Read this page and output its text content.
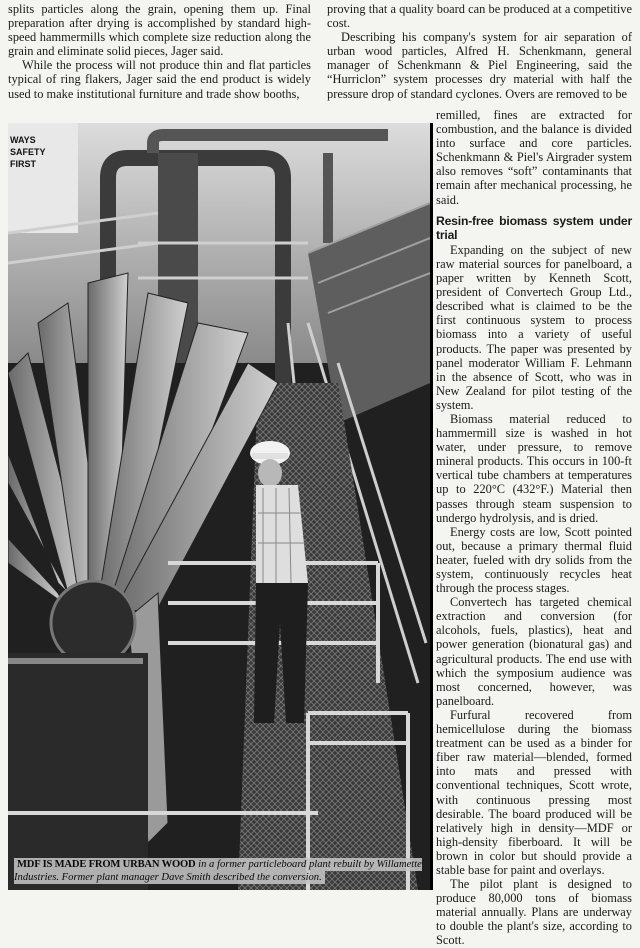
splits particles along the grain, opening them up. Final preparation after drying is accomplished by standard high-speed hammermills which complete size reduction along the grain and eliminate solid pieces, Jager said.

While the process will not produce thin and flat particles typical of ring flakers, Jager said the end product is widely used to make institutional furniture and trade show booths,

proving that a quality board can be produced at a competitive cost.

Describing his company's system for air separation of urban wood particles, Alfred H. Schenkmann, general manager of Schenkmann & Piel Engineering, said the “Hurriclon” system processes dry material with half the pressure drop of standard cyclones. Overs are removed to be

remilled, fines are extracted for combustion, and the balance is divided into surface and core particles. Schenkmann & Piel's Airgrader system also removes “soft” contaminants that remain after mechanical processing, he said.

Resin-free biomass system under trial

Expanding on the subject of new raw material sources for panelboard, a paper written by Kenneth Scott, president of Convertech Group Ltd., described what is claimed to be the first continuous system to process biomass into a variety of useful products. The paper was presented by panel moderator William F. Lehmann in the absence of Scott, who was in New Zealand for pilot testing of the system.

Biomass material reduced to hammermill size is washed in hot water, under pressure, to remove mineral products. This occurs in 100-ft vertical tube chambers at temperatures up to 220°C (432°F.) Material then passes through steam suspension to undergo hydrolysis, and is dried.

Energy costs are low, Scott pointed out, because a primary thermal fluid heater, fueled with dry solids from the system, continuously recycles heat through the process stages.

Convertech has targeted chemical extraction and conversion (for alcohols, fuels, plastics), heat and power generation (bionatural gas) and agricultural products. The end use with which the symposium audience was most concerned, however, was panelboard.

Furfural recovered from hemicellulose during the biomass treatment can be used as a binder for fiber raw material—blended, formed into mats and pressed with conventional techniques, Scott wrote, with continuous pressing most desirable. The board produced will be relatively high in density—MDF or high-density fiberboard. It will be brown in color but should provide a stable base for paint and overlays.

The pilot plant is designed to produce 80,000 tons of biomass material annually. Plans are underway to double the plant's size, according to Scott.

WAYS
SAFETY
FIRST
MDF IS MADE FROM URBAN WOOD in a former particleboard plant rebuilt by Willamette Industries. Former plant manager Dave Smith described the conversion.
